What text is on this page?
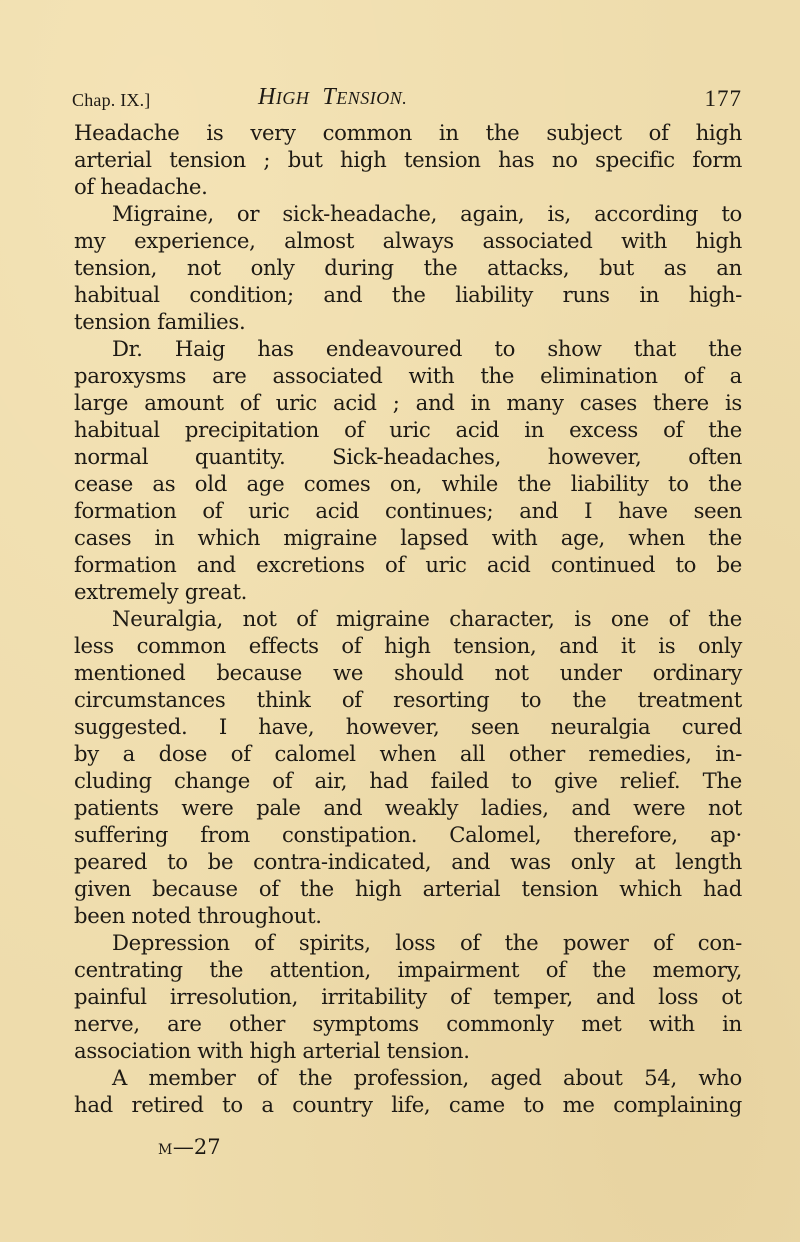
Chap. IX.]	HIGH TENSION.	177
Headache is very common in the subject of high
arterial tension ; but high tension has no specific form
of headache.
Migraine, or sick-headache, again, is, according to
my experience, almost always associated with high
tension, not only during the attacks, but as an
habitual condition; and the liability runs in high-
tension families.
Dr. Haig has endeavoured to show that the
paroxysms are associated with the elimination of a
large amount of uric acid ; and in many cases there is
habitual precipitation of uric acid in excess of the
normal quantity. Sick-headaches, however, often
cease as old age comes on, while the liability to the
formation of uric acid continues; and I have seen
cases in which migraine lapsed with age, when the
formation and excretions of uric acid continued to be
extremely great.
Neuralgia, not of migraine character, is one of the
less common effects of high tension, and it is only
mentioned because we should not under ordinary
circumstances think of resorting to the treatment
suggested. I have, however, seen neuralgia cured
by a dose of calomel when all other remedies, in-
cluding change of air, had failed to give relief. The
patients were pale and weakly ladies, and were not
suffering from constipation. Calomel, therefore, ap·
peared to be contra-indicated, and was only at length
given because of the high arterial tension which had
been noted throughout.
Depression of spirits, loss of the power of con-
centrating the attention, impairment of the memory,
painful irresolution, irritability of temper, and loss ot
nerve, are other symptoms commonly met with in
association with high arterial tension.
A member of the profession, aged about 54, who
had retired to a country life, came to me complaining
M—27
